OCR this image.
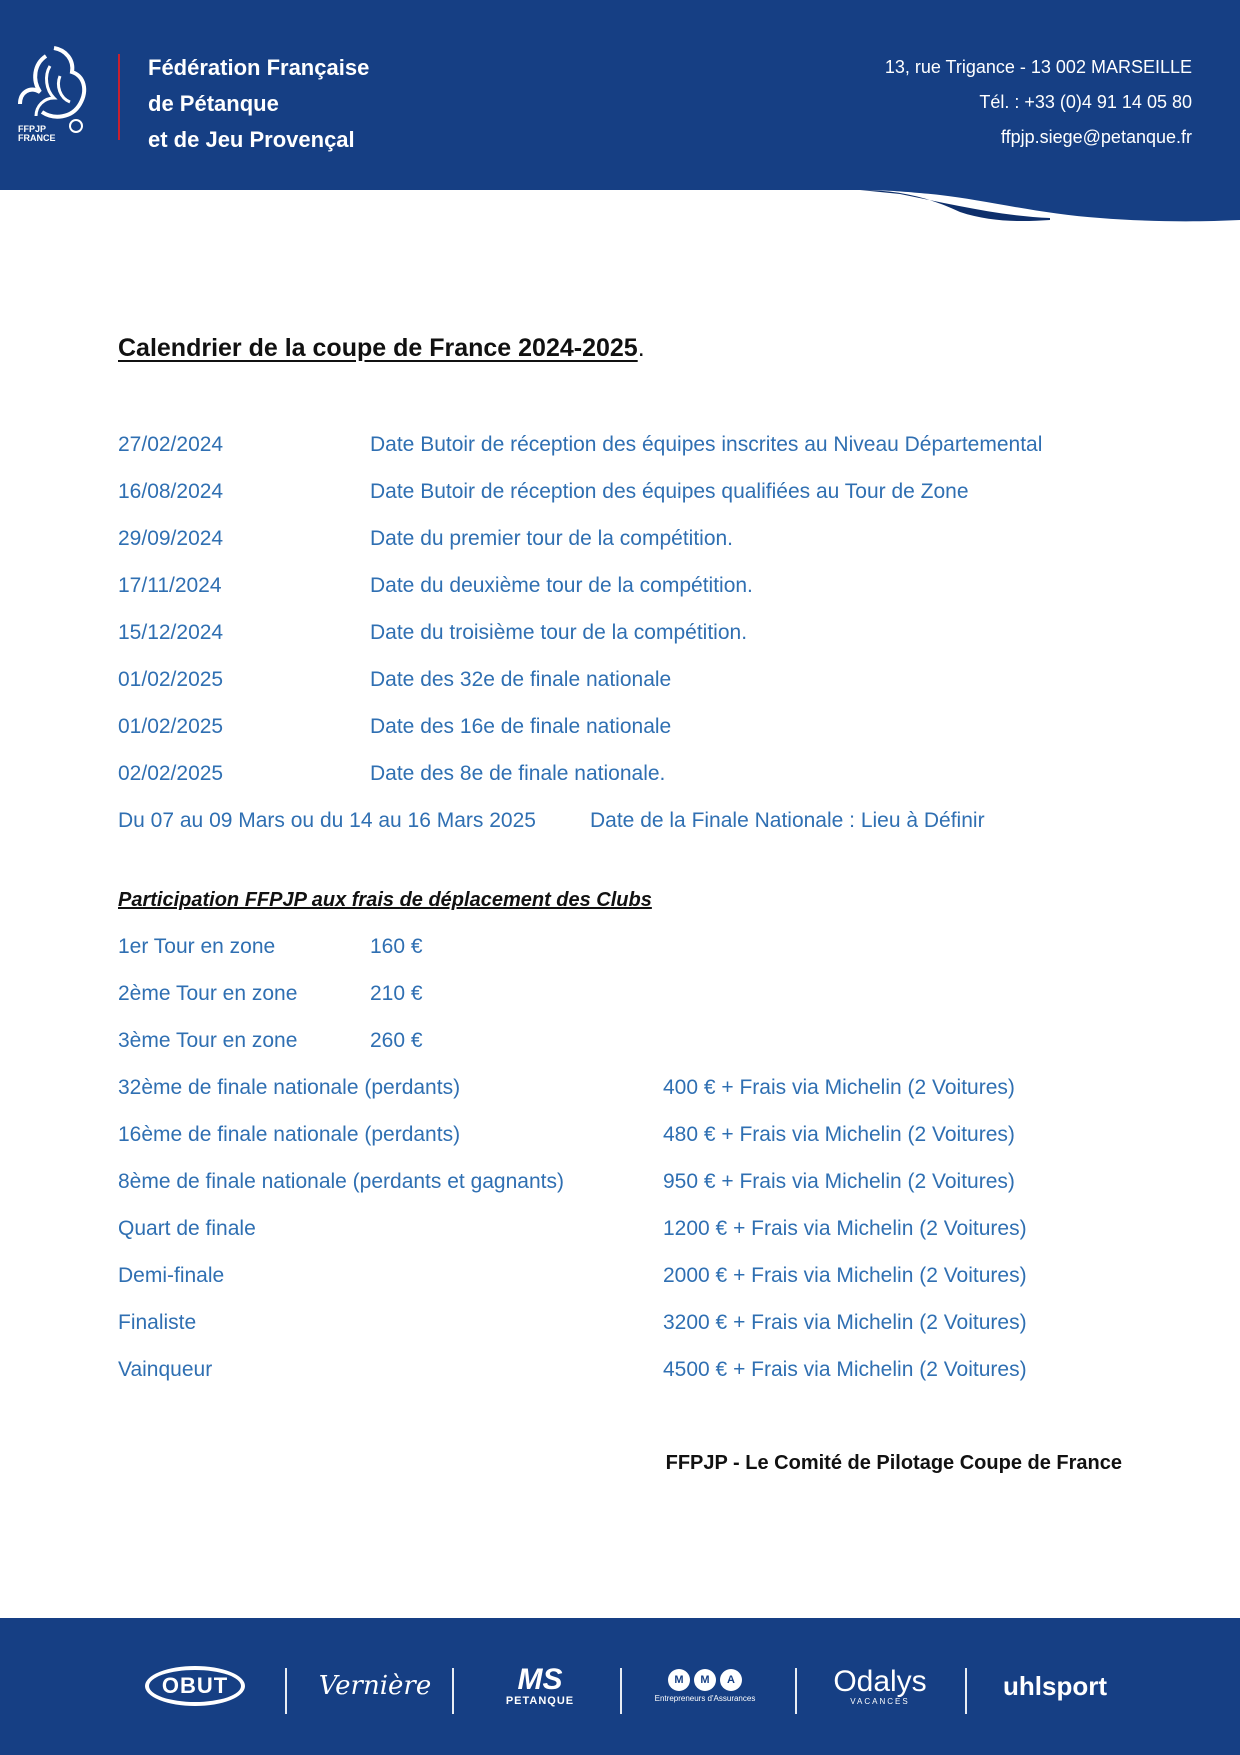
FFPJP
FRANCE
Fédération Française
de Pétanque
et de Jeu Provençal
13, rue Trigance - 13 002 MARSEILLE
Tél. : +33 (0)4 91 14 05 80
ffpjp.siege@petanque.fr
Calendrier de la coupe de France 2024-2025.
27/02/2024	Date Butoir de réception des équipes inscrites au Niveau Départemental
16/08/2024	Date Butoir de réception des équipes qualifiées au Tour de Zone
29/09/2024	Date du premier tour de la compétition.
17/11/2024	Date du deuxième tour de la compétition.
15/12/2024	Date du troisième tour de la compétition.
01/02/2025	Date des 32e de finale nationale
01/02/2025	Date des 16e de finale nationale
02/02/2025	Date des 8e de finale nationale.
Du 07 au 09 Mars ou du 14 au 16 Mars 2025	Date de la Finale Nationale : Lieu à Définir
Participation FFPJP aux frais de déplacement des Clubs
1er Tour en zone	160 €
2ème Tour en zone	210 €
3ème Tour en zone	260 €
32ème de finale nationale (perdants)	400 € + Frais via Michelin (2 Voitures)
16ème de finale nationale (perdants)	480 € + Frais via Michelin (2 Voitures)
8ème de finale nationale (perdants et gagnants)	950 € + Frais via Michelin (2 Voitures)
Quart de finale	1200 € + Frais via Michelin (2 Voitures)
Demi-finale	2000 € + Frais via Michelin (2 Voitures)
Finaliste	3200 € + Frais via Michelin (2 Voitures)
Vainqueur	4500 € + Frais via Michelin (2 Voitures)
FFPJP - Le Comité de Pilotage Coupe de France
OBUT	Vernière	MS
PETANQUE
M	M	A
Entrepreneurs d'Assurances
Odalys
VACANCES
uhlsport
